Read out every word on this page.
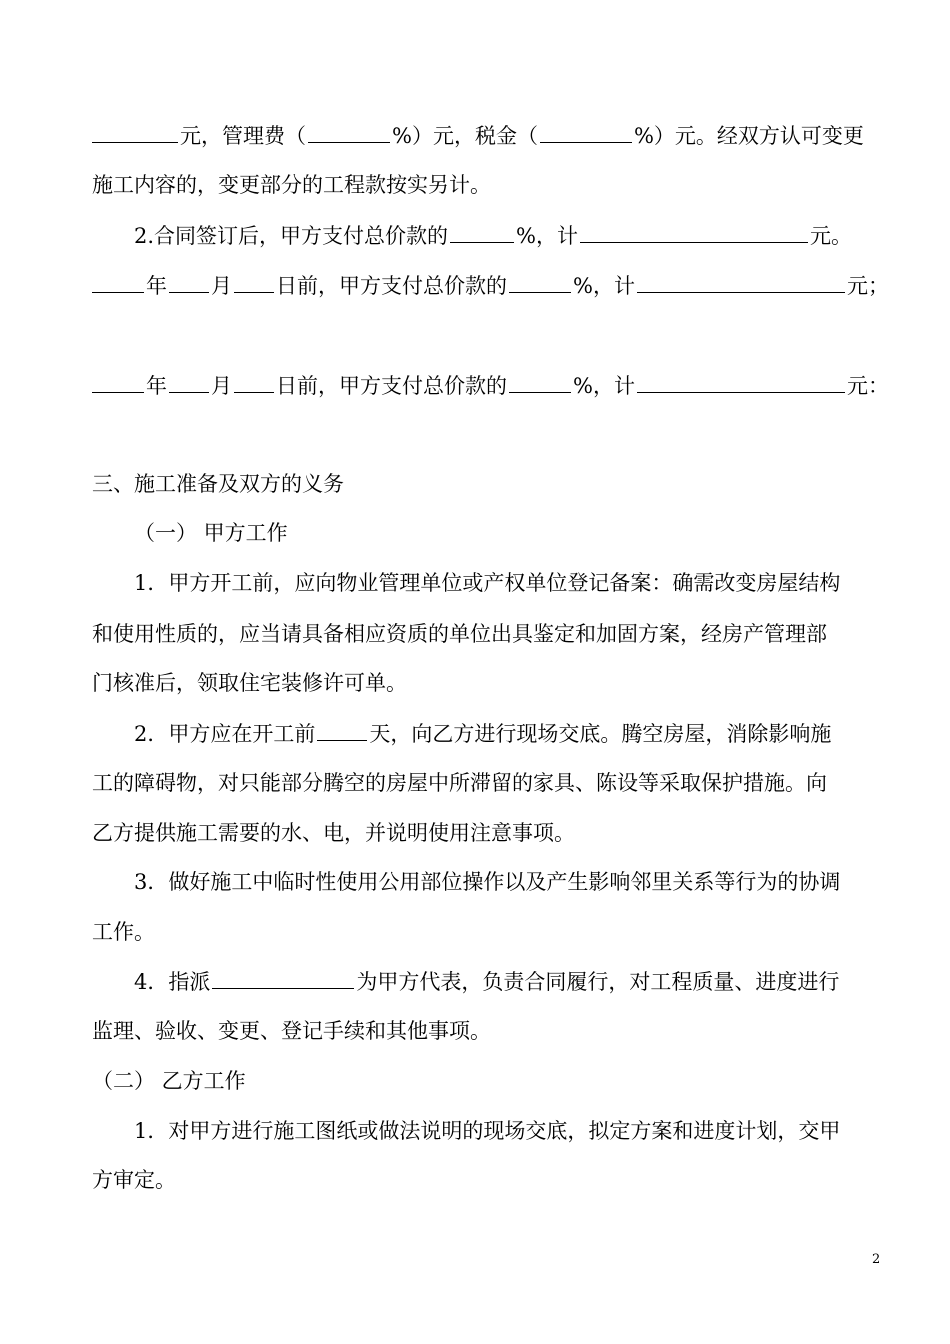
元，管理费（	%）元，税金（	%）元。经双方认可变更
施工内容的，变更部分的工程款按实另计。
2.合同签订后，甲方支付总价款的	%，计	元。
年 月 日前，甲方支付总价款的	%，计	元；
年 月 日前，甲方支付总价款的	%，计	元：
三、施工准备及双方的义务
（一） 甲方工作
1．甲方开工前，应向物业管理单位或产权单位登记备案：确需改变房屋结构
和使用性质的，应当请具备相应资质的单位出具鉴定和加固方案，经房产管理部
门核准后，领取住宅装修许可单。
2．甲方应在开工前	天，向乙方进行现场交底。腾空房屋，消除影响施
工的障碍物，对只能部分腾空的房屋中所滞留的家具、陈设等采取保护措施。向
乙方提供施工需要的水、电，并说明使用注意事项。
3．做好施工中临时性使用公用部位操作以及产生影响邻里关系等行为的协调
工作。
4．指派	为甲方代表，负责合同履行，对工程质量、进度进行
监理、验收、变更、登记手续和其他事项。
（二） 乙方工作
1．对甲方进行施工图纸或做法说明的现场交底，拟定方案和进度计划，交甲
方审定。
2
